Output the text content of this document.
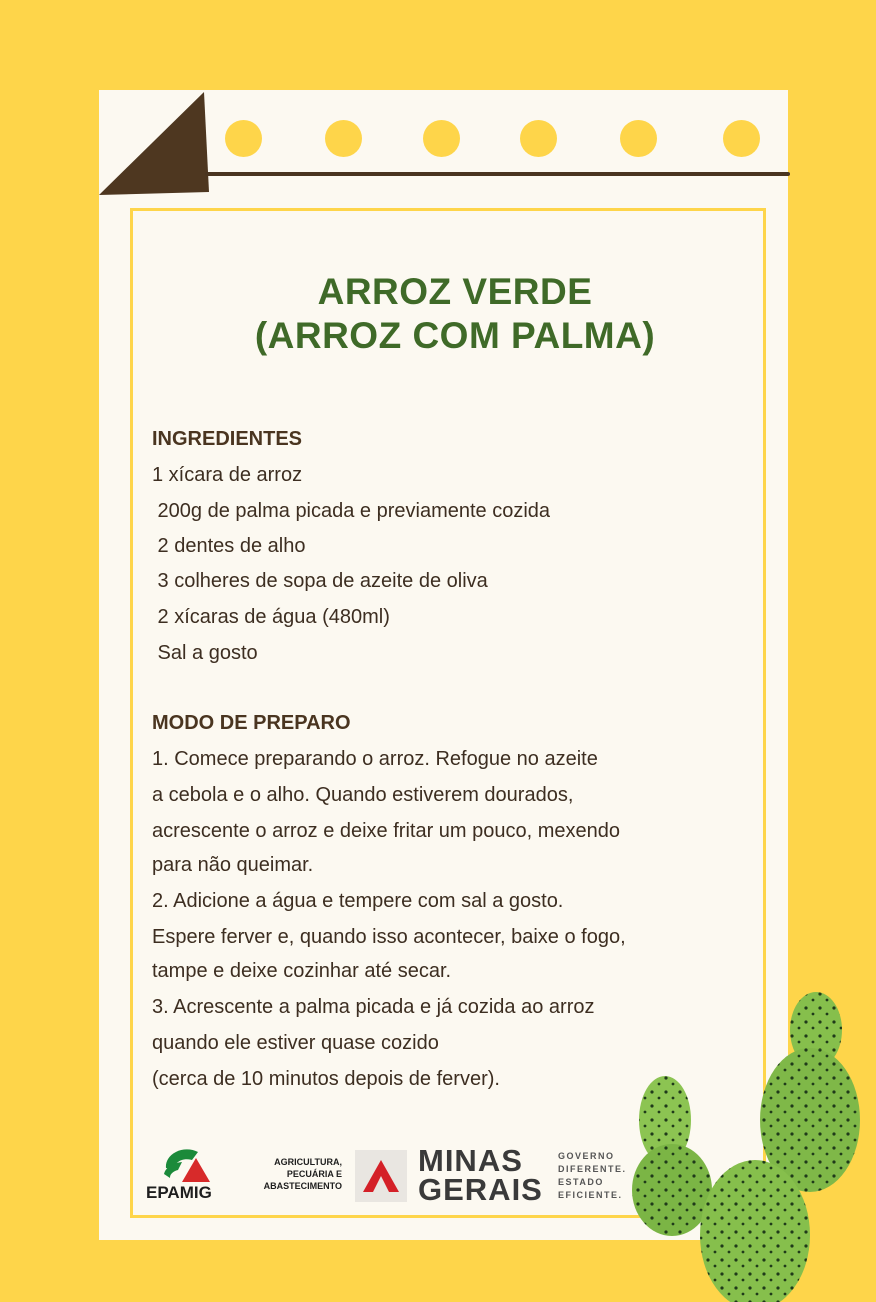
ARROZ VERDE
(ARROZ COM PALMA)
INGREDIENTES
1 xícara de arroz
200g de palma picada e previamente cozida
2 dentes de alho
3 colheres de sopa de azeite de oliva
2 xícaras de água (480ml)
Sal a gosto
MODO DE PREPARO
1. Comece preparando o arroz. Refogue no azeite
a cebola e o alho. Quando estiverem dourados,
acrescente o arroz e deixe fritar um pouco, mexendo
para não queimar.
2. Adicione a água e tempere com sal a gosto.
Espere ferver e, quando isso acontecer, baixe o fogo,
tampe e deixe cozinhar até secar.
3. Acrescente a palma picada e já cozida ao arroz
quando ele estiver quase cozido
(cerca de 10 minutos depois de ferver).
EPAMIG
AGRICULTURA,
PECUÁRIA E
ABASTECIMENTO
MINAS
GERAIS
GOVERNO
DIFERENTE.
ESTADO
EFICIENTE.
